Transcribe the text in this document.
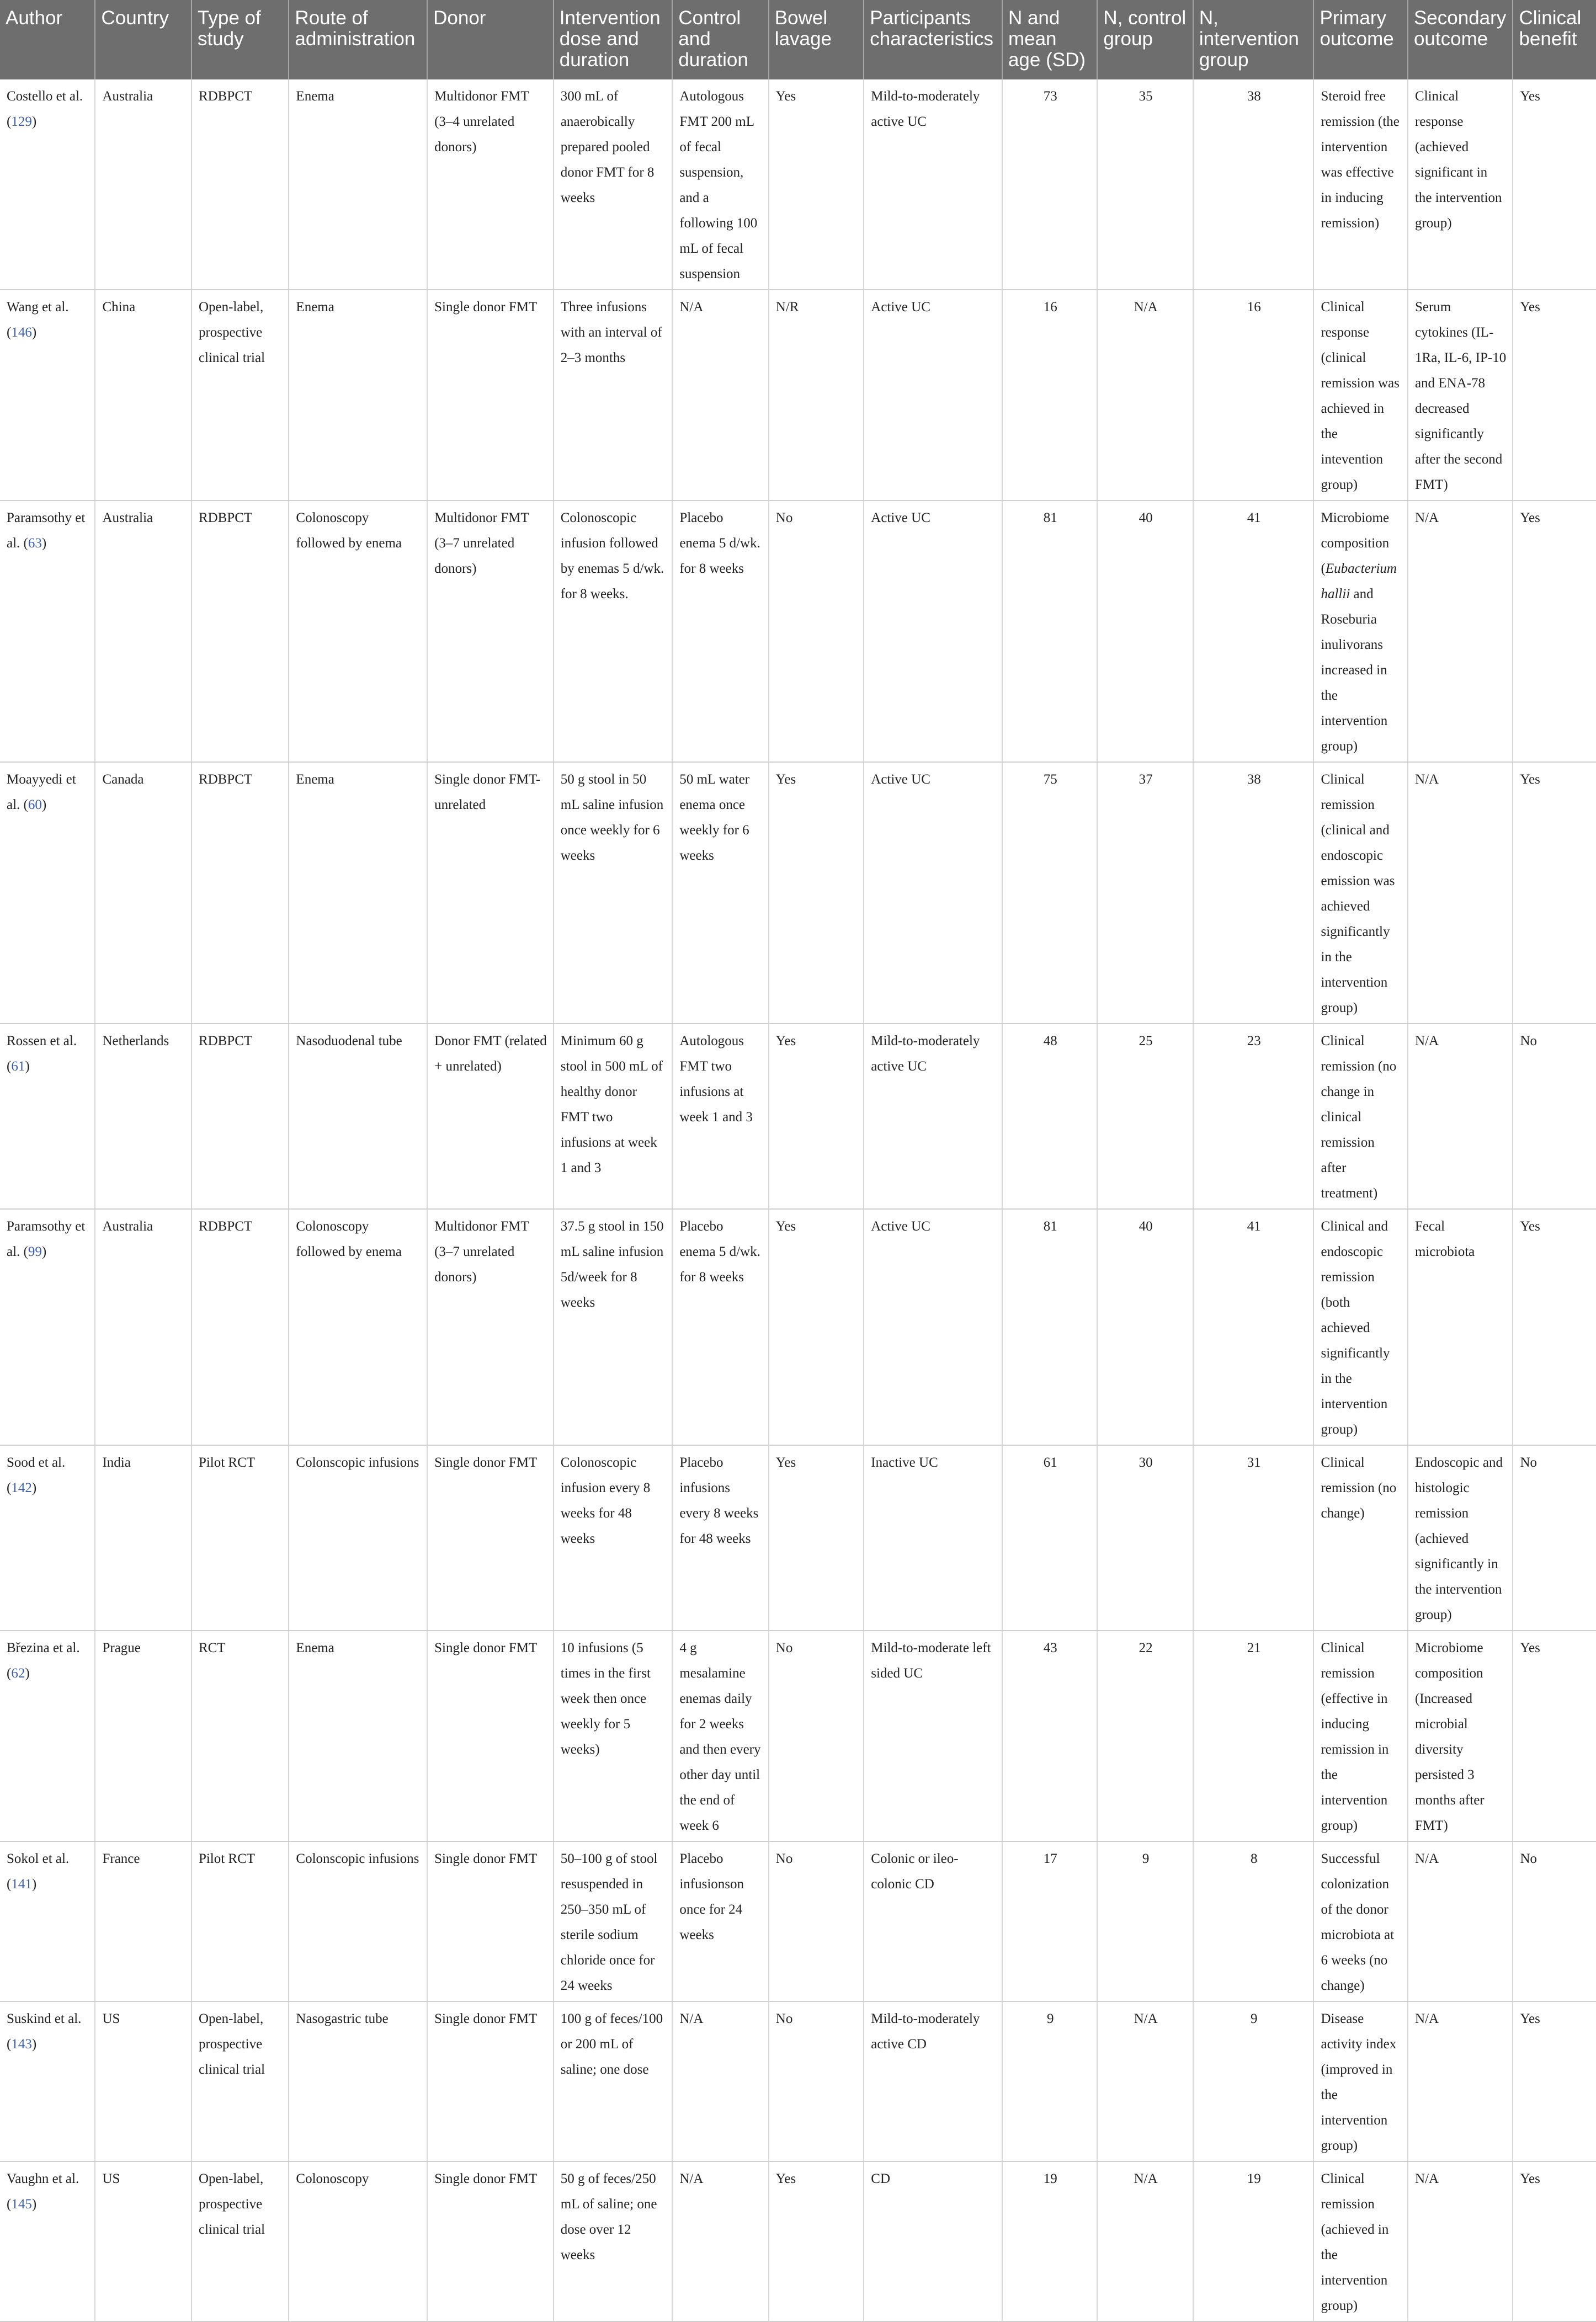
Author	Country	Type of study	Route of administration	Donor	Intervention dose and duration	Control and duration	Bowel lavage	Participants characteristics	N and mean age (SD)	N, control group	N, intervention group	Primary outcome	Secondary outcome	Clinical benefit
Costello et al. (129)	Australia	RDBPCT	Enema	Multidonor FMT (3–4 unrelated donors)	300 mL of anaerobically prepared pooled donor FMT for 8 weeks	Autologous FMT 200 mL of fecal suspension, and a following 100 mL of fecal suspension	Yes	Mild-to-moderately active UC	73	35	38	Steroid free remission (the intervention was effective in inducing remission)	Clinical response (achieved significant in the intervention group)	Yes
Wang et al. (146)	China	Open-label, prospective clinical trial	Enema	Single donor FMT	Three infusions with an interval of 2–3 months	N/A	N/R	Active UC	16	N/A	16	Clinical response (clinical remission was achieved in the intevention group)	Serum cytokines (IL-1Ra, IL-6, IP-10 and ENA-78 decreased significantly after the second FMT)	Yes
Paramsothy et al. (63)	Australia	RDBPCT	Colonoscopy followed by enema	Multidonor FMT (3–7 unrelated donors)	Colonoscopic infusion followed by enemas 5 d/wk. for 8 weeks.	Placebo enema 5 d/wk. for 8 weeks	No	Active UC	81	40	41	Microbiome composition (Eubacterium hallii and Roseburia inulivorans increased in the intervention group)	N/A	Yes
Moayyedi et al. (60)	Canada	RDBPCT	Enema	Single donor FMT-unrelated	50 g stool in 50 mL saline infusion once weekly for 6 weeks	50 mL water enema once weekly for 6 weeks	Yes	Active UC	75	37	38	Clinical remission (clinical and endoscopic emission was achieved significantly in the intervention group)	N/A	Yes
Rossen et al. (61)	Netherlands	RDBPCT	Nasoduodenal tube	Donor FMT (related + unrelated)	Minimum 60 g stool in 500 mL of healthy donor FMT two infusions at week 1 and 3	Autologous FMT two infusions at week 1 and 3	Yes	Mild-to-moderately active UC	48	25	23	Clinical remission (no change in clinical remission after treatment)	N/A	No
Paramsothy et al. (99)	Australia	RDBPCT	Colonoscopy followed by enema	Multidonor FMT (3–7 unrelated donors)	37.5 g stool in 150 mL saline infusion 5d/week for 8 weeks	Placebo enema 5 d/wk. for 8 weeks	Yes	Active UC	81	40	41	Clinical and endoscopic remission (both achieved significantly in the intervention group)	Fecal microbiota	Yes
Sood et al. (142)	India	Pilot RCT	Colonscopic infusions	Single donor FMT	Colonoscopic infusion every 8 weeks for 48 weeks	Placebo infusions every 8 weeks for 48 weeks	Yes	Inactive UC	61	30	31	Clinical remission (no change)	Endoscopic and histologic remission (achieved significantly in the intervention group)	No
Březina et al. (62)	Prague	RCT	Enema	Single donor FMT	10 infusions (5 times in the first week then once weekly for 5 weeks)	4 g mesalamine enemas daily for 2 weeks and then every other day until the end of week 6	No	Mild-to-moderate left sided UC	43	22	21	Clinical remission (effective in inducing remission in the intervention group)	Microbiome composition (Increased microbial diversity persisted 3 months after FMT)	Yes
Sokol et al. (141)	France	Pilot RCT	Colonscopic infusions	Single donor FMT	50–100 g of stool resuspended in 250–350 mL of sterile sodium chloride once for 24 weeks	Placebo infusionson once for 24 weeks	No	Colonic or ileo-colonic CD	17	9	8	Successful colonization of the donor microbiota at 6 weeks (no change)	N/A	No
Suskind et al. (143)	US	Open-label, prospective clinical trial	Nasogastric tube	Single donor FMT	100 g of feces/100 or 200 mL of saline; one dose	N/A	No	Mild-to-moderately active CD	9	N/A	9	Disease activity index (improved in the intervention group)	N/A	Yes
Vaughn et al. (145)	US	Open-label, prospective clinical trial	Colonoscopy	Single donor FMT	50 g of feces/250 mL of saline; one dose over 12 weeks	N/A	Yes	CD	19	N/A	19	Clinical remission (achieved in the intervention group)	N/A	Yes
